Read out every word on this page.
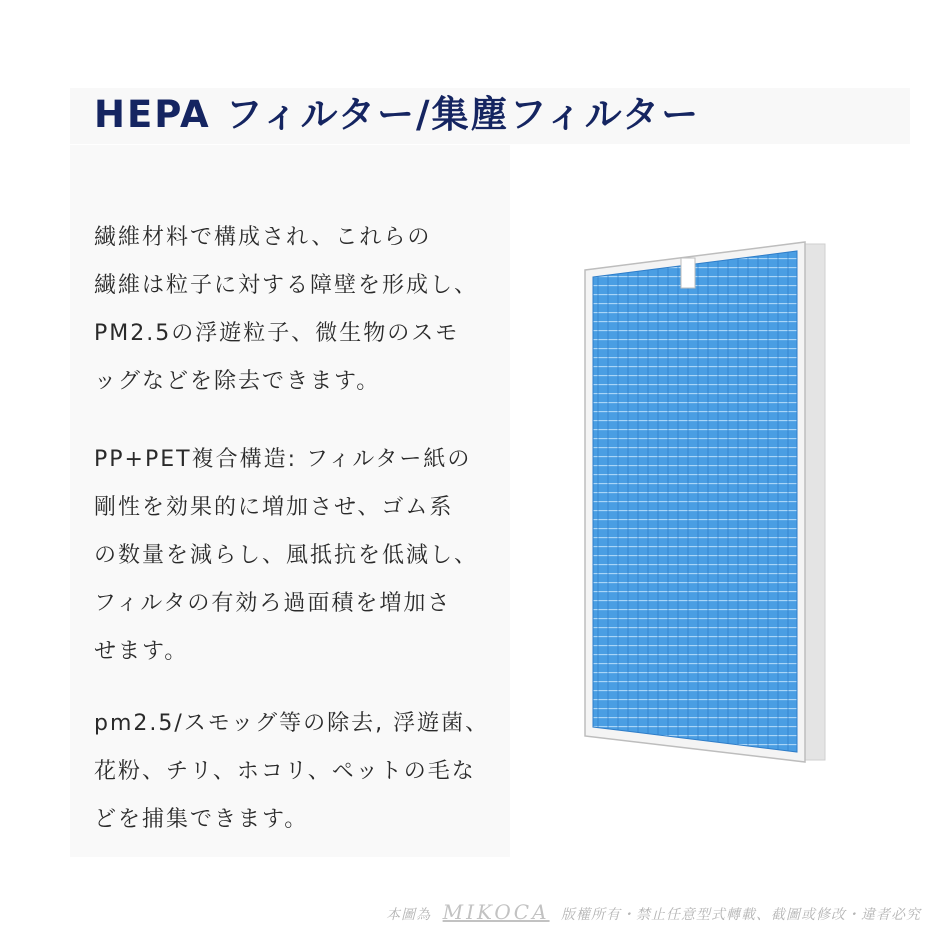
HEPA フィルター/集塵フィルター
繊維材料で構成され、これらの
繊維は粒子に対する障壁を形成し、
PM2.5の浮遊粒子、微生物のスモ
ッグなどを除去できます。
PP+PET複合構造: フィルター紙の
剛性を効果的に増加させ、ゴム系
の数量を減らし、風抵抗を低減し、
フィルタの有効ろ過面積を増加さ
せます。
pm2.5/スモッグ等の除去, 浮遊菌、
花粉、チリ、ホコリ、ペットの毛な
どを捕集できます。
本圖為 MIKOCA 版權所有・禁止任意型式轉載、截圖或修改・違者必究
